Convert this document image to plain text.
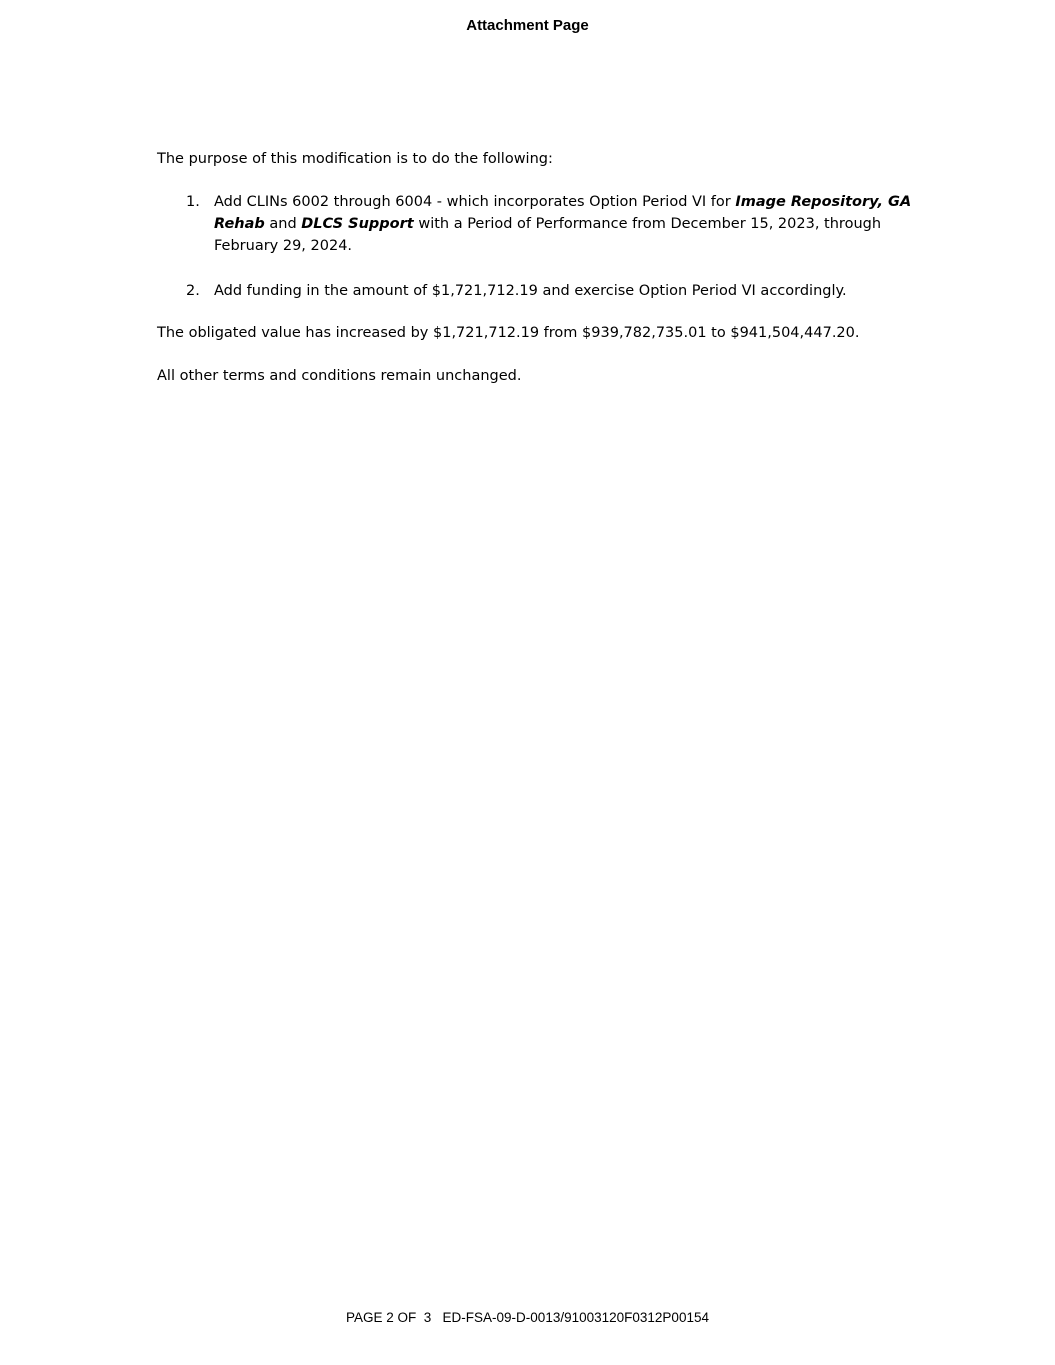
Attachment Page
The purpose of this modification is to do the following:
1. Add CLINs 6002 through 6004 - which incorporates Option Period VI for Image Repository, GA Rehab and DLCS Support with a Period of Performance from December 15, 2023, through February 29, 2024.
2. Add funding in the amount of $1,721,712.19 and exercise Option Period VI accordingly.
The obligated value has increased by $1,721,712.19 from $939,782,735.01 to $941,504,447.20.
All other terms and conditions remain unchanged.
PAGE 2 OF  3   ED-FSA-09-D-0013/91003120F0312P00154
